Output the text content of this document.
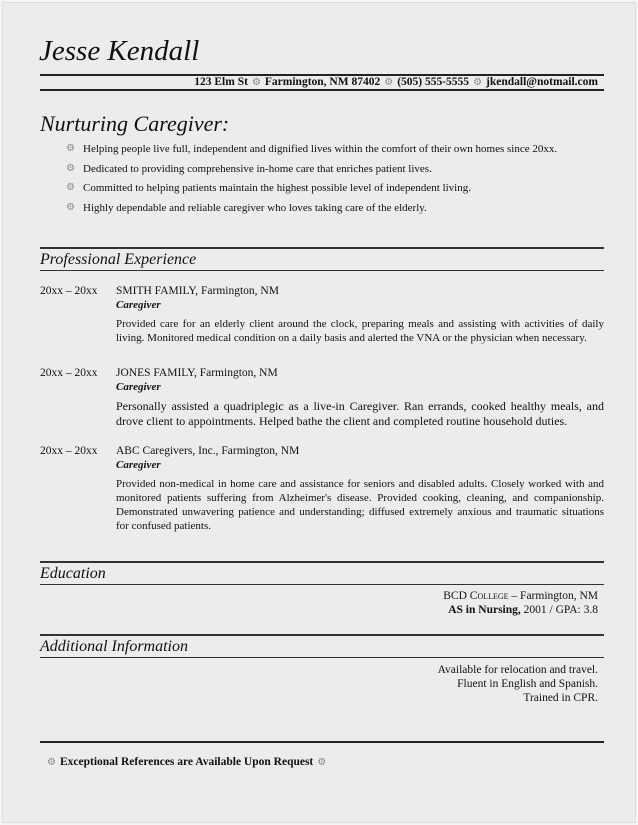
Jesse Kendall
123 Elm St ⚙ Farmington, NM 87402 ⚙ (505) 555-5555 ⚙ jkendall@notmail.com
Nurturing Caregiver:
⚙ Helping people live full, independent and dignified lives within the comfort of their own homes since 20xx.
⚙ Dedicated to providing comprehensive in-home care that enriches patient lives.
⚙ Committed to helping patients maintain the highest possible level of independent living.
⚙ Highly dependable and reliable caregiver who loves taking care of the elderly.
Professional Experience
20xx – 20xx SMITH FAMILY, Farmington, NM
Caregiver

Provided care for an elderly client around the clock, preparing meals and assisting with activities of daily living. Monitored medical condition on a daily basis and alerted the VNA or the physician when necessary.

20xx – 20xx JONES FAMILY, Farmington, NM
Caregiver

Personally assisted a quadriplegic as a live-in Caregiver. Ran errands, cooked healthy meals, and drove client to appointments. Helped bathe the client and completed routine household duties.

20xx – 20xx ABC Caregivers, Inc., Farmington, NM
Caregiver

Provided non-medical in home care and assistance for seniors and disabled adults. Closely worked with and monitored patients suffering from Alzheimer's disease. Provided cooking, cleaning, and companionship. Demonstrated unwavering patience and understanding; diffused extremely anxious and traumatic situations for confused patients.

Education
BCD College – Farmington, NM
AS in Nursing, 2001 / GPA: 3.8
Additional Information
Available for relocation and travel.
Fluent in English and Spanish.
Trained in CPR.
⚙ Exceptional References are Available Upon Request ⚙
